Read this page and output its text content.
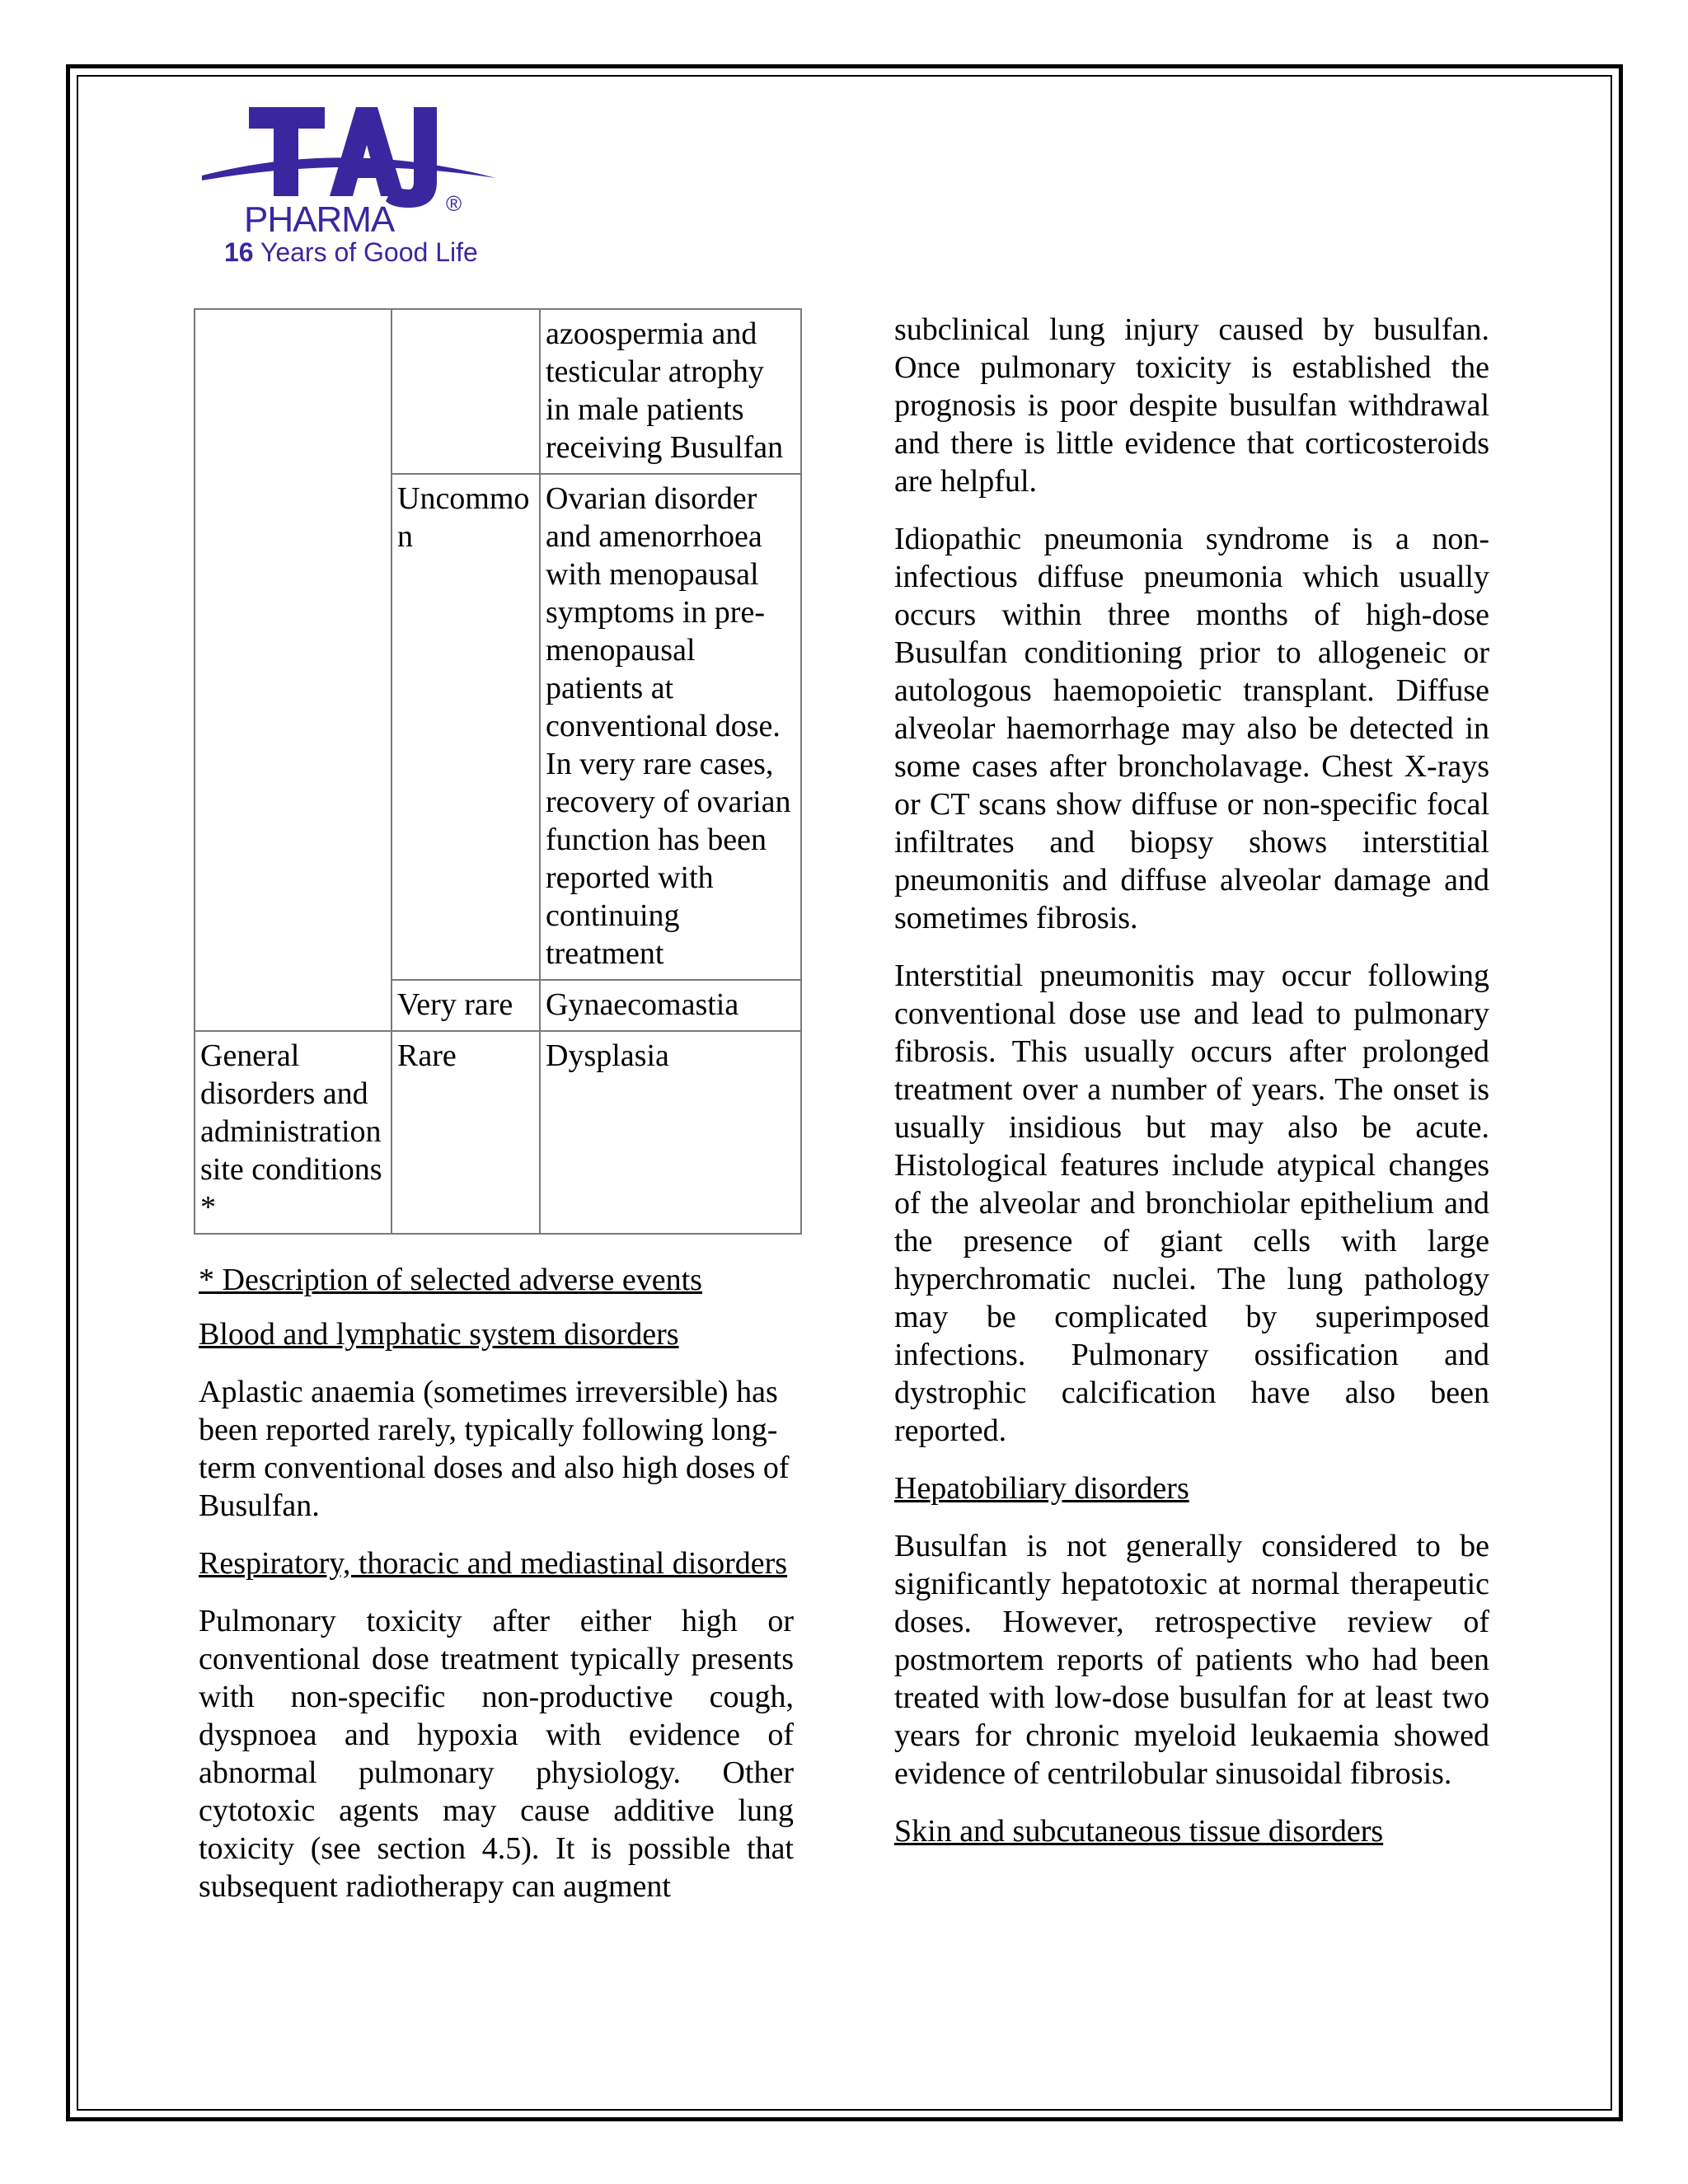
PHARMA ®
16 Years of Good Life
		azoospermia and testicular atrophy in male patients receiving Busulfan
	Uncommon	Ovarian disorder and amenorrhoea with menopausal symptoms in pre-menopausal patients at conventional dose. In very rare cases, recovery of ovarian function has been reported with continuing treatment
	Very rare	Gynaecomastia
General disorders and administration site conditions *	Rare	Dysplasia

* Description of selected adverse events

Blood and lymphatic system disorders

Aplastic anaemia (sometimes irreversible) has been reported rarely, typically following long-term conventional doses and also high doses of Busulfan.

Respiratory, thoracic and mediastinal disorders

Pulmonary toxicity after either high or conventional dose treatment typically presents with non-specific non-productive cough, dyspnoea and hypoxia with evidence of abnormal pulmonary physiology. Other cytotoxic agents may cause additive lung toxicity (see section 4.5). It is possible that subsequent radiotherapy can augment

subclinical lung injury caused by busulfan. Once pulmonary toxicity is established the prognosis is poor despite busulfan withdrawal and there is little evidence that corticosteroids are helpful.

Idiopathic pneumonia syndrome is a non-infectious diffuse pneumonia which usually occurs within three months of high-dose Busulfan conditioning prior to allogeneic or autologous haemopoietic transplant. Diffuse alveolar haemorrhage may also be detected in some cases after broncholavage. Chest X-rays or CT scans show diffuse or non-specific focal infiltrates and biopsy shows interstitial pneumonitis and diffuse alveolar damage and sometimes fibrosis.

Interstitial pneumonitis may occur following conventional dose use and lead to pulmonary fibrosis. This usually occurs after prolonged treatment over a number of years. The onset is usually insidious but may also be acute. Histological features include atypical changes of the alveolar and bronchiolar epithelium and the presence of giant cells with large hyperchromatic nuclei. The lung pathology may be complicated by superimposed infections. Pulmonary ossification and dystrophic calcification have also been reported.

Hepatobiliary disorders

Busulfan is not generally considered to be significantly hepatotoxic at normal therapeutic doses. However, retrospective review of postmortem reports of patients who had been treated with low-dose busulfan for at least two years for chronic myeloid leukaemia showed evidence of centrilobular sinusoidal fibrosis.

Skin and subcutaneous tissue disorders
